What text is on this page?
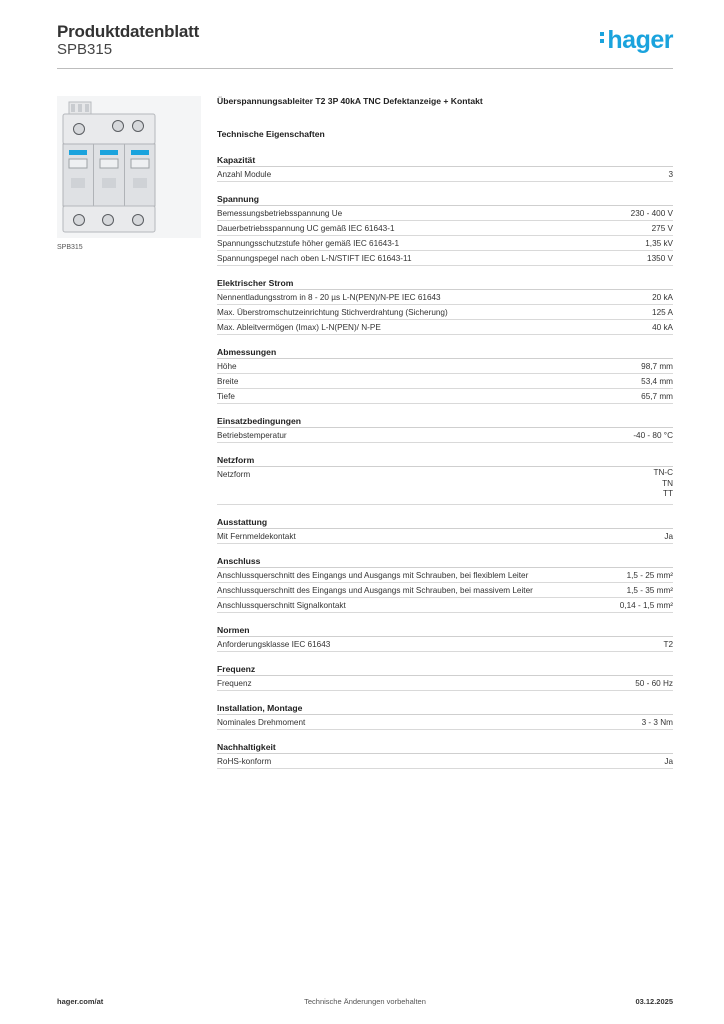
Produktdatenblatt
SPB315	hager
SPB315
Überspannungsableiter T2 3P 40kA TNC Defektanzeige + Kontakt
Technische Eigenschaften
Kapazität
Anzahl Module	3
Spannung
Bemessungsbetriebsspannung Ue	230 - 400 V
Dauerbetriebsspannung UC gemäß IEC 61643-1	275 V
Spannungsschutzstufe höher gemäß IEC 61643-1	1,35 kV
Spannungspegel nach oben L-N/STIFT IEC 61643-11	1350 V
Elektrischer Strom
Nennentladungsstrom in 8 - 20 µs L-N(PEN)/N-PE IEC 61643	20 kA
Max. Überstromschutzeinrichtung Stichverdrahtung (Sicherung)	125 A
Max. Ableitvermögen (Imax) L-N(PEN)/ N-PE	40 kA
Abmessungen
Höhe	98,7 mm
Breite	53,4 mm
Tiefe	65,7 mm
Einsatzbedingungen
Betriebstemperatur	-40 - 80 °C
Netzform
Netzform	TN-C
TN
TT
Ausstattung
Mit Fernmeldekontakt	Ja
Anschluss
Anschlussquerschnitt des Eingangs und Ausgangs mit Schrauben, bei flexiblem Leiter	1,5 - 25 mm²
Anschlussquerschnitt des Eingangs und Ausgangs mit Schrauben, bei massivem Leiter	1,5 - 35 mm²
Anschlussquerschnitt Signalkontakt	0,14 - 1,5 mm²
Normen
Anforderungsklasse IEC 61643	T2
Frequenz
Frequenz	50 - 60 Hz
Installation, Montage
Nominales Drehmoment	3 - 3 Nm
Nachhaltigkeit
RoHS-konform	Ja
hager.com/at	Technische Änderungen vorbehalten	03.12.2025
